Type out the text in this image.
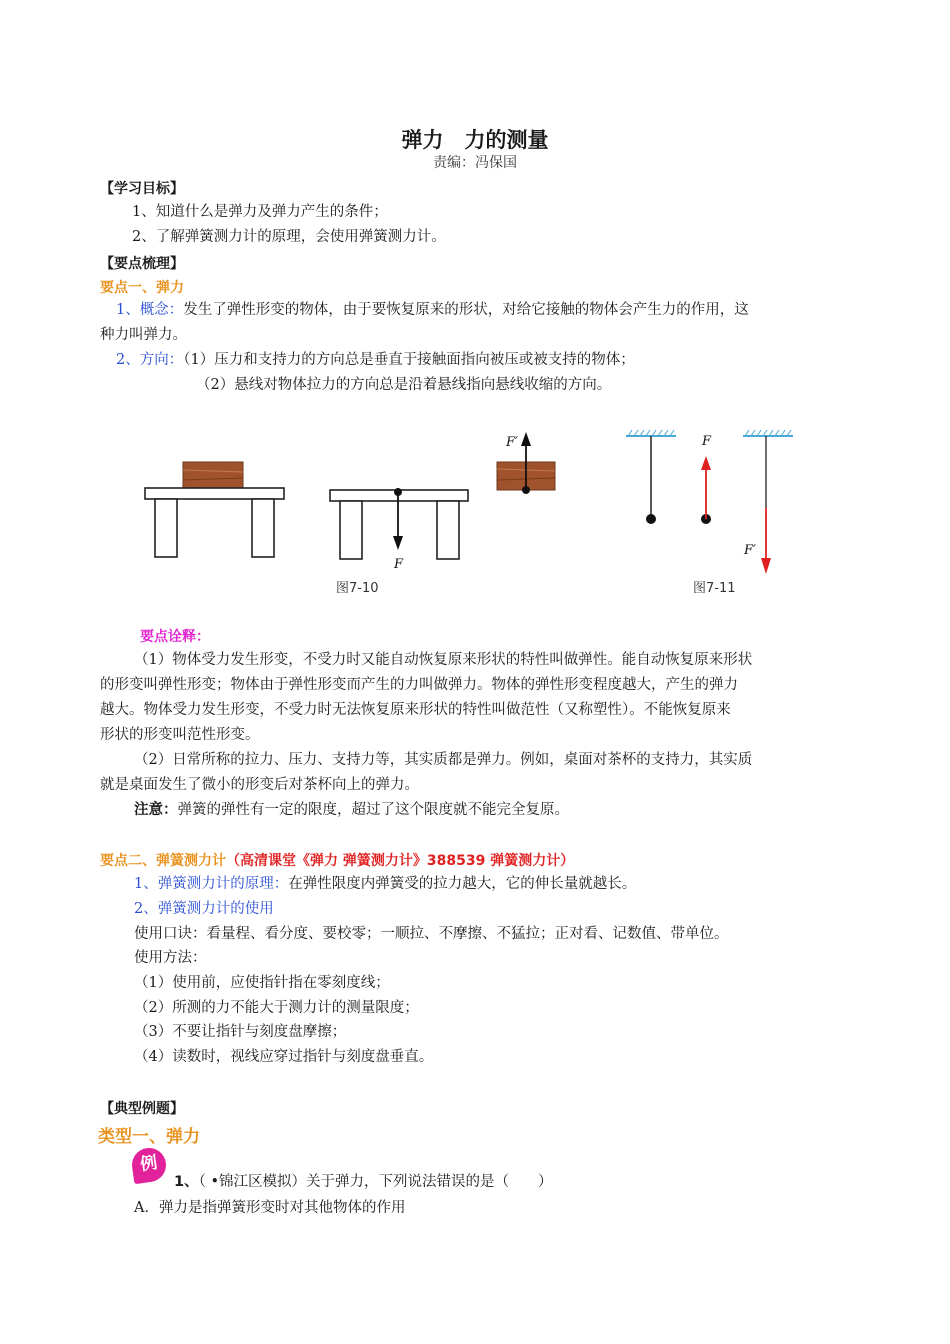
弹力　力的测量
责编：冯保国
【学习目标】
1、知道什么是弹力及弹力产生的条件；
2、了解弹簧测力计的原理，会使用弹簧测力计。
【要点梳理】
要点一、弹力
1、概念：发生了弹性形变的物体，由于要恢复原来的形状，对给它接触的物体会产生力的作用，这
种力叫弹力。
2、方向：（1）压力和支持力的方向总是垂直于接触面指向被压或被支持的物体；
（2）悬线对物体拉力的方向总是沿着悬线指向悬线收缩的方向。
F
F′
图7-10
F
F′
图7-11
要点诠释：
（1）物体受力发生形变，不受力时又能自动恢复原来形状的特性叫做弹性。能自动恢复原来形状
的形变叫弹性形变；物体由于弹性形变而产生的力叫做弹力。物体的弹性形变程度越大，产生的弹力
越大。物体受力发生形变，不受力时无法恢复原来形状的特性叫做范性（又称塑性）。不能恢复原来
形状的形变叫范性形变。
（2）日常所称的拉力、压力、支持力等，其实质都是弹力。例如，桌面对茶杯的支持力，其实质
就是桌面发生了微小的形变后对茶杯向上的弹力。
注意：弹簧的弹性有一定的限度，超过了这个限度就不能完全复原。
要点二、弹簧测力计（高清课堂《弹力 弹簧测力计》388539 弹簧测力计）
1、弹簧测力计的原理：在弹性限度内弹簧受的拉力越大，它的伸长量就越长。
2、弹簧测力计的使用
使用口诀：看量程、看分度、要校零；一顺拉、不摩擦、不猛拉；正对看、记数值、带单位。
使用方法：
（1）使用前，应使指针指在零刻度线；
（2）所测的力不能大于测力计的测量限度；
（3）不要让指针与刻度盘摩擦；
（4）读数时，视线应穿过指针与刻度盘垂直。
【典型例题】
类型一、弹力
例
1、（ •锦江区模拟）关于弹力，下列说法错误的是（　　）
A．弹力是指弹簧形变时对其他物体的作用
